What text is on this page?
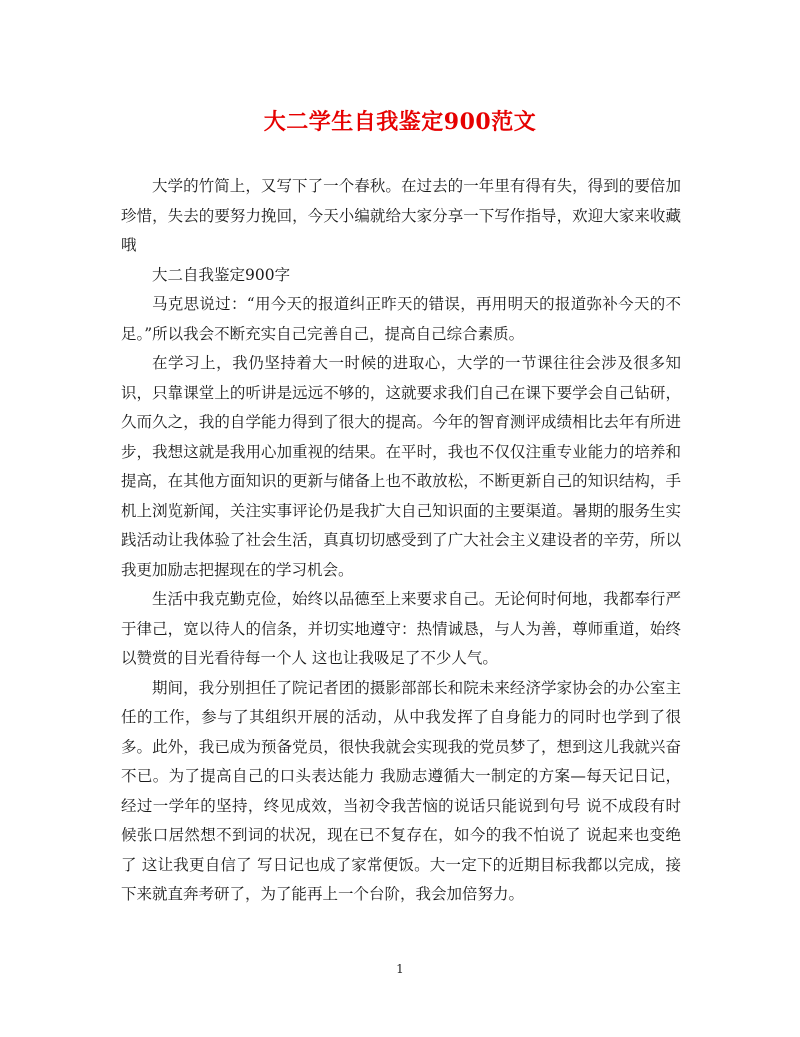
大二学生自我鉴定900范文

大学的竹简上，又写下了一个春秋。在过去的一年里有得有失，得到的要倍加珍惜，失去的要努力挽回，今天小编就给大家分享一下写作指导，欢迎大家来收藏哦

大二自我鉴定900字

马克思说过：“用今天的报道纠正昨天的错误，再用明天的报道弥补今天的不足。”所以我会不断充实自己完善自己，提高自己综合素质。

在学习上，我仍坚持着大一时候的进取心，大学的一节课往往会涉及很多知识，只靠课堂上的听讲是远远不够的，这就要求我们自己在课下要学会自己钻研，久而久之，我的自学能力得到了很大的提高。今年的智育测评成绩相比去年有所进步，我想这就是我用心加重视的结果。在平时，我也不仅仅注重专业能力的培养和提高，在其他方面知识的更新与储备上也不敢放松，不断更新自己的知识结构，手机上浏览新闻，关注实事评论仍是我扩大自己知识面的主要渠道。暑期的服务生实践活动让我体验了社会生活，真真切切感受到了广大社会主义建设者的辛劳，所以我更加励志把握现在的学习机会。

生活中我克勤克俭，始终以品德至上来要求自己。无论何时何地，我都奉行严于律己，宽以待人的信条，并切实地遵守：热情诚恳，与人为善，尊师重道，始终以赞赏的目光看待每一个人 这也让我吸足了不少人气。

期间，我分别担任了院记者团的摄影部部长和院未来经济学家协会的办公室主任的工作，参与了其组织开展的活动，从中我发挥了自身能力的同时也学到了很多。此外，我已成为预备党员，很快我就会实现我的党员梦了，想到这儿我就兴奋不已。为了提高自己的口头表达能力 我励志遵循大一制定的方案—每天记日记，经过一学年的坚持，终见成效，当初令我苦恼的说话只能说到句号 说不成段有时候张口居然想不到词的状况，现在已不复存在，如今的我不怕说了 说起来也变绝了 这让我更自信了 写日记也成了家常便饭。大一定下的近期目标我都以完成，接下来就直奔考研了，为了能再上一个台阶，我会加倍努力。

1
